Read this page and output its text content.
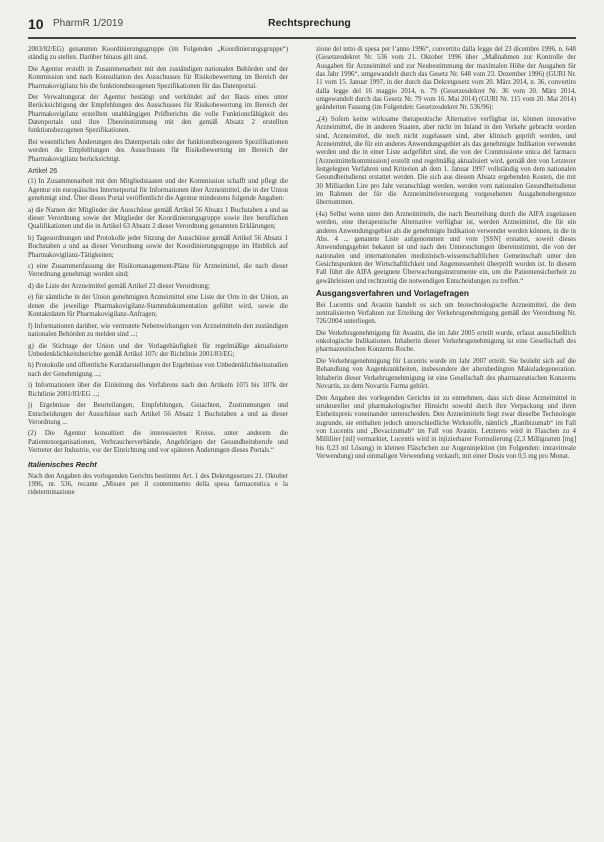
10 PharmR 1/2019	Rechtsprechung

2003/82/EG) genannten Koordinierungsgruppe (im Folgenden „Koordinierungsgruppe“) ständig zu stellen. Darüber hinaus gilt sind.

Die Agentur erstellt in Zusammenarbeit mit den zuständigen nationalen Behörden und der Kommission und nach Konsultation des Ausschusses für Risikobewertung im Bereich der Pharmakovigilanz bis die funktionsbezogenen Spezifikationen für das Datenportal.

Der Verwaltungsrat der Agentur bestätigt und verkündet auf der Basis eines unter Berücksichtigung der Empfehlungen des Ausschusses für Risikobewertung im Bereich der Pharmakovigilanz erstellten unabhängigen Prüfberichts die volle Funktionsfähigkeit des Datenportals und ihre Übereinstimmung mit den gemäß Absatz 2 erstellten funktionsbezogenen Spezifikationen.

Bei wesentlichen Änderungen des Datenportals oder der funktionsbezogenen Spezifikationen werden die Empfehlungen des Ausschusses für Risikobewertung im Bereich der Pharmakovigilanz berücksichtigt.

Artikel 26

(1) In Zusammenarbeit mit den Mitgliedstaaten und der Kommission schafft und pflegt die Agentur ein europäisches Internetportal für Informationen über Arzneimittel, die in der Union genehmigt sind. Über dieses Portal veröffentlicht die Agentur mindestens folgende Angaben:

a) die Namen der Mitglieder der Ausschüsse gemäß Artikel 56 Absatz 1 Buchstaben a und aa dieser Verordnung sowie der Mitglieder der Koordinierungsgruppe sowie ihre beruflichen Qualifikationen und die in Artikel 63 Absatz 2 dieser Verordnung genannten Erklärungen;

b) Tagesordnungen und Protokolle jeder Sitzung der Ausschüsse gemäß Artikel 56 Absatz 1 Buchstaben a und aa dieser Verordnung sowie der Koordinierungsgruppe im Hinblick auf Pharmakovigilanz-Tätigkeiten;

c) eine Zusammenfassung der Risikomanagement-Pläne für Arzneimittel, die nach dieser Verordnung genehmigt worden sind;

d) die Liste der Arzneimittel gemäß Artikel 23 dieser Verordnung;

e) für sämtliche in der Union genehmigten Arzneimittel eine Liste der Orte in der Union, an denen die jeweilige Pharmakovigilanz-Stammdokumentation geführt wird, sowie die Kontaktdaten für Pharmakovigilanz-Anfragen;

f) Informationen darüber, wie vermutete Nebenwirkungen von Arzneimitteln den zuständigen nationalen Behörden zu melden sind ...;

g) die Stichtage der Union und der Vorlagehäufigkeit für regelmäßige aktualisierte Unbedenklichkeitsberichte gemäß Artikel 107c der Richtlinie 2001/83/EG;

h) Protokolle und öffentliche Kurzdarstellungen der Ergebnisse von Unbedenklichkeitsstudien nach der Genehmigung ...;

i) Informationen über die Einleitung des Verfahrens nach den Artikeln 107i bis 107k der Richtlinie 2001/83/EG ...;

j) Ergebnisse der Beurteilungen, Empfehlungen, Gutachten, Zustimmungen und Entscheidungen der Ausschüsse nach Artikel 56 Absatz 1 Buchstaben a und aa dieser Verordnung ...

(2) Die Agentur konsultiert die interessierten Kreise, unter anderem die Patientenorganisationen, Verbraucherverbände, Angehörigen der Gesundheitsberufe und Vertreter der Industrie, vor der Einrichtung und vor späteren Änderungen dieses Portals.“

Italienisches Recht

Nach den Angaben des vorlegenden Gerichts bestimmt Art. 1 des Dekretgesetzes 21. Oktober 1996, nr. 536, recante „Misure per il contenimento della spesa farmaceutica e la rideterminazione

zione del tetto di spesa per l’anno 1996“, convertito dalla legge del 23 dicembre 1996, n. 648 (Gesetzesdekret Nr. 536 vom 21. Oktober 1996 über „Maßnahmen zur Kontrolle der Ausgaben für Arzneimittel und zur Neubestimmung der maximalen Höhe der Ausgaben für das Jahr 1996“, umgewandelt durch das Gesetz Nr. 648 vom 23. Dezember 1996) (GURI Nr. 11 vom 15. Januar 1997, in der durch das Dekretgesetz vom 20. März 2014, n. 36, convertito dalla legge del 16 maggio 2014, n. 79 (Gesetzesdekret Nr. 36 vom 20. März 2014, umgewandelt durch das Gesetz Nr. 79 vom 16. Mai 2014) (GURI Nr. 115 vom 20. Mai 2014) geänderten Fassung (im Folgenden: Gesetzesdekret Nr. 536/96):

„(4) Sofern keine wirksame therapeutische Alternative verfügbar ist, können innovative Arzneimittel, die in anderen Staaten, aber nicht im Inland in den Verkehr gebracht worden sind, Arzneimittel, die noch nicht zugelassen sind, aber klinisch geprüft werden, und Arzneimittel, die für ein anderes Anwendungsgebiet als das genehmigte Indikation verwendet werden und die in einer Liste aufgeführt sind, die von der Commissione unica del farmaco [Arzneimittelkommission] erstellt und regelmäßig aktualisiert wird, gemäß den von Letzterer festgelegten Verfahren und Kriterien ab dem 1. Januar 1997 vollständig von dem nationalen Gesundheitsdienst erstattet werden. Die sich aus diesem Absatz ergebenden Kosten, die mit 30 Milliarden Lire pro Jahr veranschlagt werden, werden vom nationalen Gesundheitsdienst im Rahmen der für die Arzneimittelversorgung vorgesehenen Ausgabenobergrenze übernommen.

(4a) Selbst wenn unter den Arzneimitteln, die nach Beurteilung durch die AIFA zugelassen werden, eine therapeutische Alternative verfügbar ist, werden Arzneimittel, die für ein anderes Anwendungsgebiet als die genehmigte Indikation verwendet werden können, in die in Abs. 4 ... genannte Liste aufgenommen und vom [SSN] erstattet, soweit dieses Anwendungsgebiet bekannt ist und nach den Untersuchungen übereinstimmt, die von der nationalen und internationalen medizinisch-wissenschaftlichen Gemeinschaft unter den Gesichtspunkten der Wirtschaftlichkeit und Angemessenheit überprüft worden ist. In diesem Fall führt die AIFA geeignete Überwachungsinstrumente ein, um die Patientensicherheit zu gewährleisten und rechtzeitig die notwendigen Entscheidungen zu treffen.“

Ausgangsverfahren und Vorlagefragen

Bei Lucentis und Avastin handelt es sich um biotechnologische Arzneimittel, die dem zentralisierten Verfahren zur Erteilung der Verkehrsgenehmigung gemäß der Verordnung Nr. 726/2004 unterliegen.

Die Verkehrsgenehmigung für Avastin, die im Jahr 2005 erteilt wurde, erfasst ausschließlich onkologische Indikationen. Inhaberin dieser Verkehrsgenehmigung ist eine Gesellschaft des pharmazeutischen Konzerns Roche.

Die Verkehrsgenehmigung für Lucentis wurde im Jahr 2007 erteilt. Sie bezieht sich auf die Behandlung von Augenkrankheiten, insbesondere der altersbedingten Makuladegeneration. Inhaberin dieser Verkehrsgenehmigung ist eine Gesellschaft des pharmazeutischen Konzerns Novartis, zu dem Novartis Farma gehört.

Den Angaben des vorlegenden Gerichts ist zu entnehmen, dass sich diese Arzneimittel in struktureller und pharmakologischer Hinsicht sowohl durch ihre Verpackung und ihren Einheitspreis voneinander unterscheiden. Den Arzneimitteln liegt zwar dieselbe Technologie zugrunde, sie enthalten jedoch unterschiedliche Wirkstoffe, nämlich „Ranibizumab“ im Fall von Lucentis und „Bevacizumab“ im Fall von Avastin. Letzteres wird in Flaschen zu 4 Milliliter [ml] vermarktet, Lucentis wird in injizierbarer Formulierung (2,3 Milligramm [mg] bis 0,23 ml Lösung) in kleinen Fläschchen zur Augeninjektion (im Folgenden: intravitreale Verwendung) und einmaligen Verwendung verkauft, mit einer Dosis von 0,5 mg pro Monat.
